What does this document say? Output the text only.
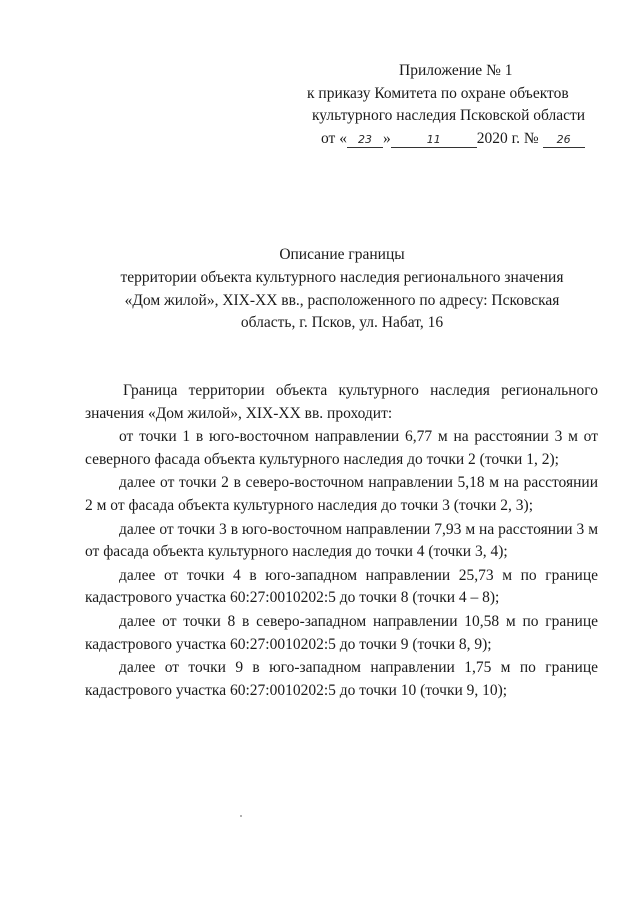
Приложение № 1
к приказу Комитета по охране объектов
культурного наследия Псковской области
от « 23 »	11 2020 г. № 26
Описание границы
территории объекта культурного наследия регионального значения
«Дом жилой», XIX-XX вв., расположенного по адресу: Псковская
область, г. Псков, ул. Набат, 16

Граница территории объекта культурного наследия регионального значения «Дом жилой», XIX-XX вв. проходит:

от точки 1 в юго-восточном направлении 6,77 м на расстоянии 3 м от северного фасада объекта культурного наследия до точки 2 (точки 1, 2);

далее от точки 2 в северо-восточном направлении 5,18 м на расстоянии 2 м от фасада объекта культурного наследия до точки 3 (точки 2, 3);

далее от точки 3 в юго-восточном направлении 7,93 м на расстоянии 3 м от фасада объекта культурного наследия до точки 4 (точки 3, 4);

далее от точки 4 в юго-западном направлении 25,73 м по границе кадастрового участка 60:27:0010202:5 до точки 8 (точки 4 – 8);

далее от точки 8 в северо-западном направлении 10,58 м по границе кадастрового участка 60:27:0010202:5 до точки 9 (точки 8, 9);

далее от точки 9 в юго-западном направлении 1,75 м по границе кадастрового участка 60:27:0010202:5 до точки 10 (точки 9, 10);
